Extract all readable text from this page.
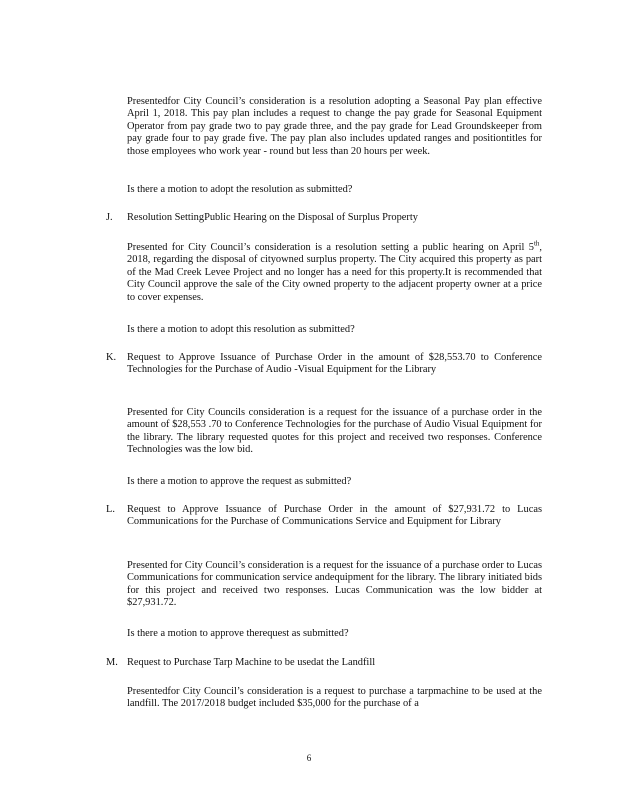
Presentedfor City Council’s consideration is a resolution adopting a Seasonal Pay plan effective April 1, 2018. This pay plan includes a request to change the pay grade for Seasonal Equipment Operator from pay grade two to pay grade three, and the pay grade for Lead Groundskeeper from pay grade four to pay grade five. The pay plan also includes updated ranges and positiontitles for those employees who work year - round but less than 20 hours per week.
Is there a motion to adopt the resolution as submitted?
J.	Resolution SettingPublic Hearing on the Disposal of Surplus Property
Presented for City Council’s consideration is a resolution setting a public hearing on April 5th, 2018, regarding the disposal of cityowned surplus property. The City acquired this property as part of the Mad Creek Levee Project and no longer has a need for this property.It is recommended that City Council approve the sale of the City owned property to the adjacent property owner at a price to cover expenses.
Is there a motion to adopt this resolution as submitted?
K.	Request to Approve Issuance of Purchase Order in the amount of $28,553.70 to Conference Technologies for the Purchase of Audio -Visual Equipment for the Library
Presented for City Councils consideration is a request for the issuance of a purchase order in the amount of $28,553 .70 to Conference Technologies for the purchase of Audio Visual Equipment for the library. The library requested quotes for this project and received two responses. Conference Technologies was the low bid.
Is there a motion to approve the request as submitted?
L.	Request to Approve Issuance of Purchase Order in the amount of $27,931.72 to Lucas Communications for the Purchase of Communications Service and Equipment for Library
Presented for City Council’s consideration is a request for the issuance of a purchase order to Lucas Communications for communication service andequipment for the library. The library initiated bids for this project and received two responses. Lucas Communication was the low bidder at $27,931.72.
Is there a motion to approve therequest as submitted?
M. Request to Purchase Tarp Machine to be usedat the Landfill
Presentedfor City Council’s consideration is a request to purchase a tarpmachine to be used at the landfill. The 2017/2018 budget included $35,000 for the purchase of a
6
